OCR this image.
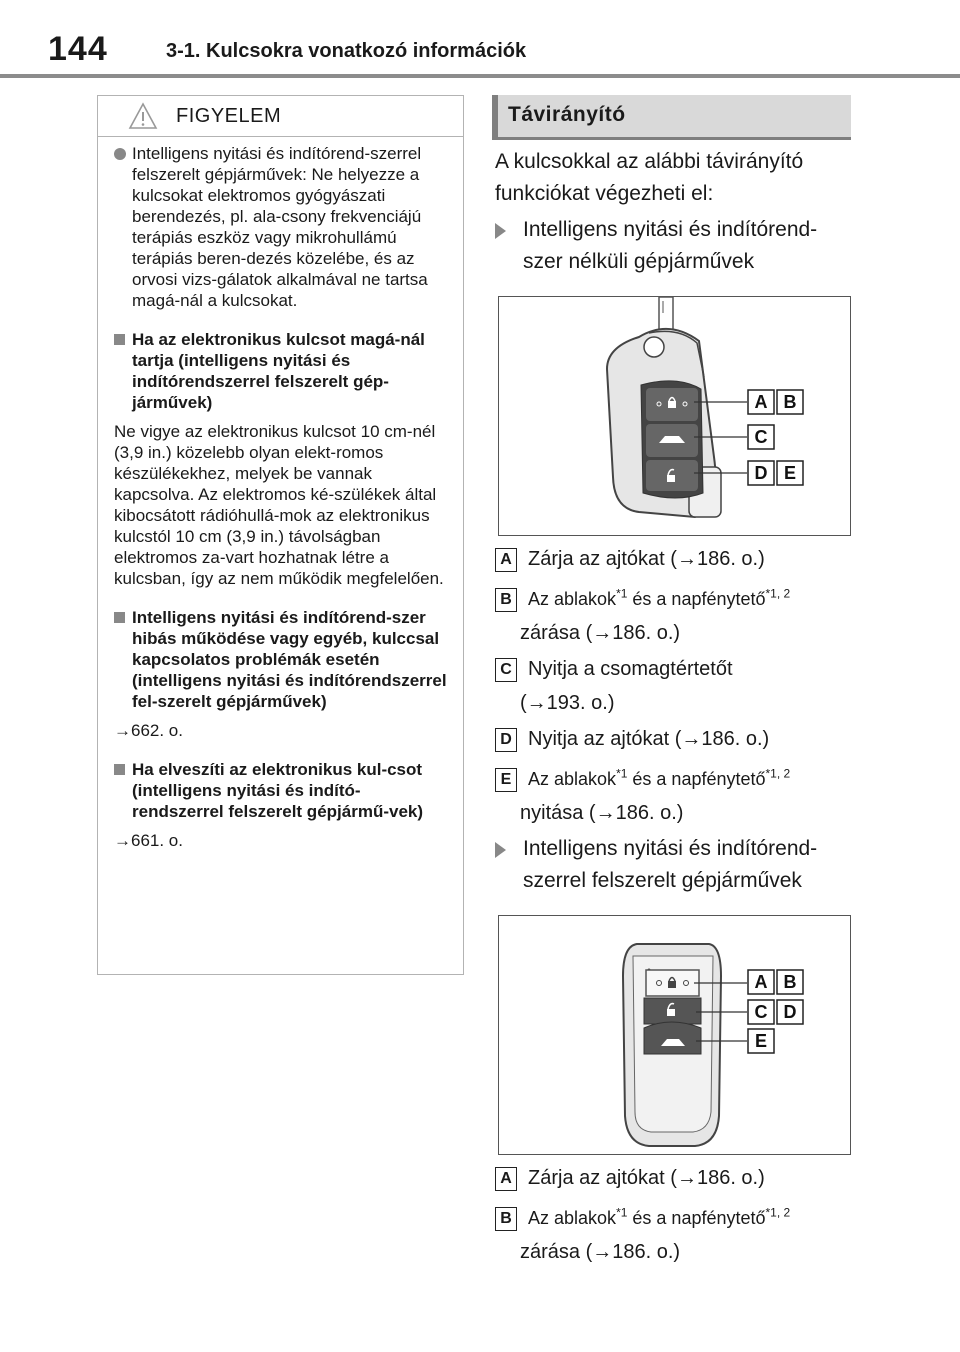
144	3-1. Kulcsokra vonatkozó információk
FIGYELEM
Intelligens nyitási és indítórend-szerrel felszerelt gépjárművek: Ne helyezze a kulcsokat elektromos gyógyászati berendezés, pl. ala-csony frekvenciájú terápiás eszköz vagy mikrohullámú terápiás beren-dezés közelébe, és az orvosi vizs-gálatok alkalmával ne tartsa magá-nál a kulcsokat.
Ha az elektronikus kulcsot magá-nál tartja (intelligens nyitási és indítórendszerrel felszerelt gép-járművek)

Ne vigye az elektronikus kulcsot 10 cm-nél (3,9 in.) közelebb olyan elekt-romos készülékekhez, melyek be vannak kapcsolva. Az elektromos ké-szülékek által kibocsátott rádióhullá-mok az elektronikus kulcstól 10 cm (3,9 in.) távolságban elektromos za-vart hozhatnak létre a kulcsban, így az nem működik megfelelően.

Intelligens nyitási és indítórend-szer hibás működése vagy egyéb, kulccsal kapcsolatos problémák esetén (intelligens nyitási és indítórendszerrel fel-szerelt gépjárművek)

→662. o.

Ha elveszíti az elektronikus kul-csot (intelligens nyitási és indító-rendszerrel felszerelt gépjármű-vek)

→661. o.

Távirányító
A kulcsokkal az alábbi távirányító funkciókat végezheti el:
Intelligens nyitási és indítórend-szer nélküli gépjárművek
A B
C
D E
A Zárja az ajtókat (→186. o.)
B Az ablakok$^{*1}$ és a napfénytető$^{*1, 2}$
zárása (→186. o.)
C Nyitja a csomagtértetőt
(→193. o.)
D Nyitja az ajtókat (→186. o.)
E Az ablakok$^{*1}$ és a napfénytető$^{*1, 2}$
nyitása (→186. o.)
Intelligens nyitási és indítórend-szerrel felszerelt gépjárművek
A B
C D
E
A Zárja az ajtókat (→186. o.)
B Az ablakok$^{*1}$ és a napfénytető$^{*1, 2}$
zárása (→186. o.)
